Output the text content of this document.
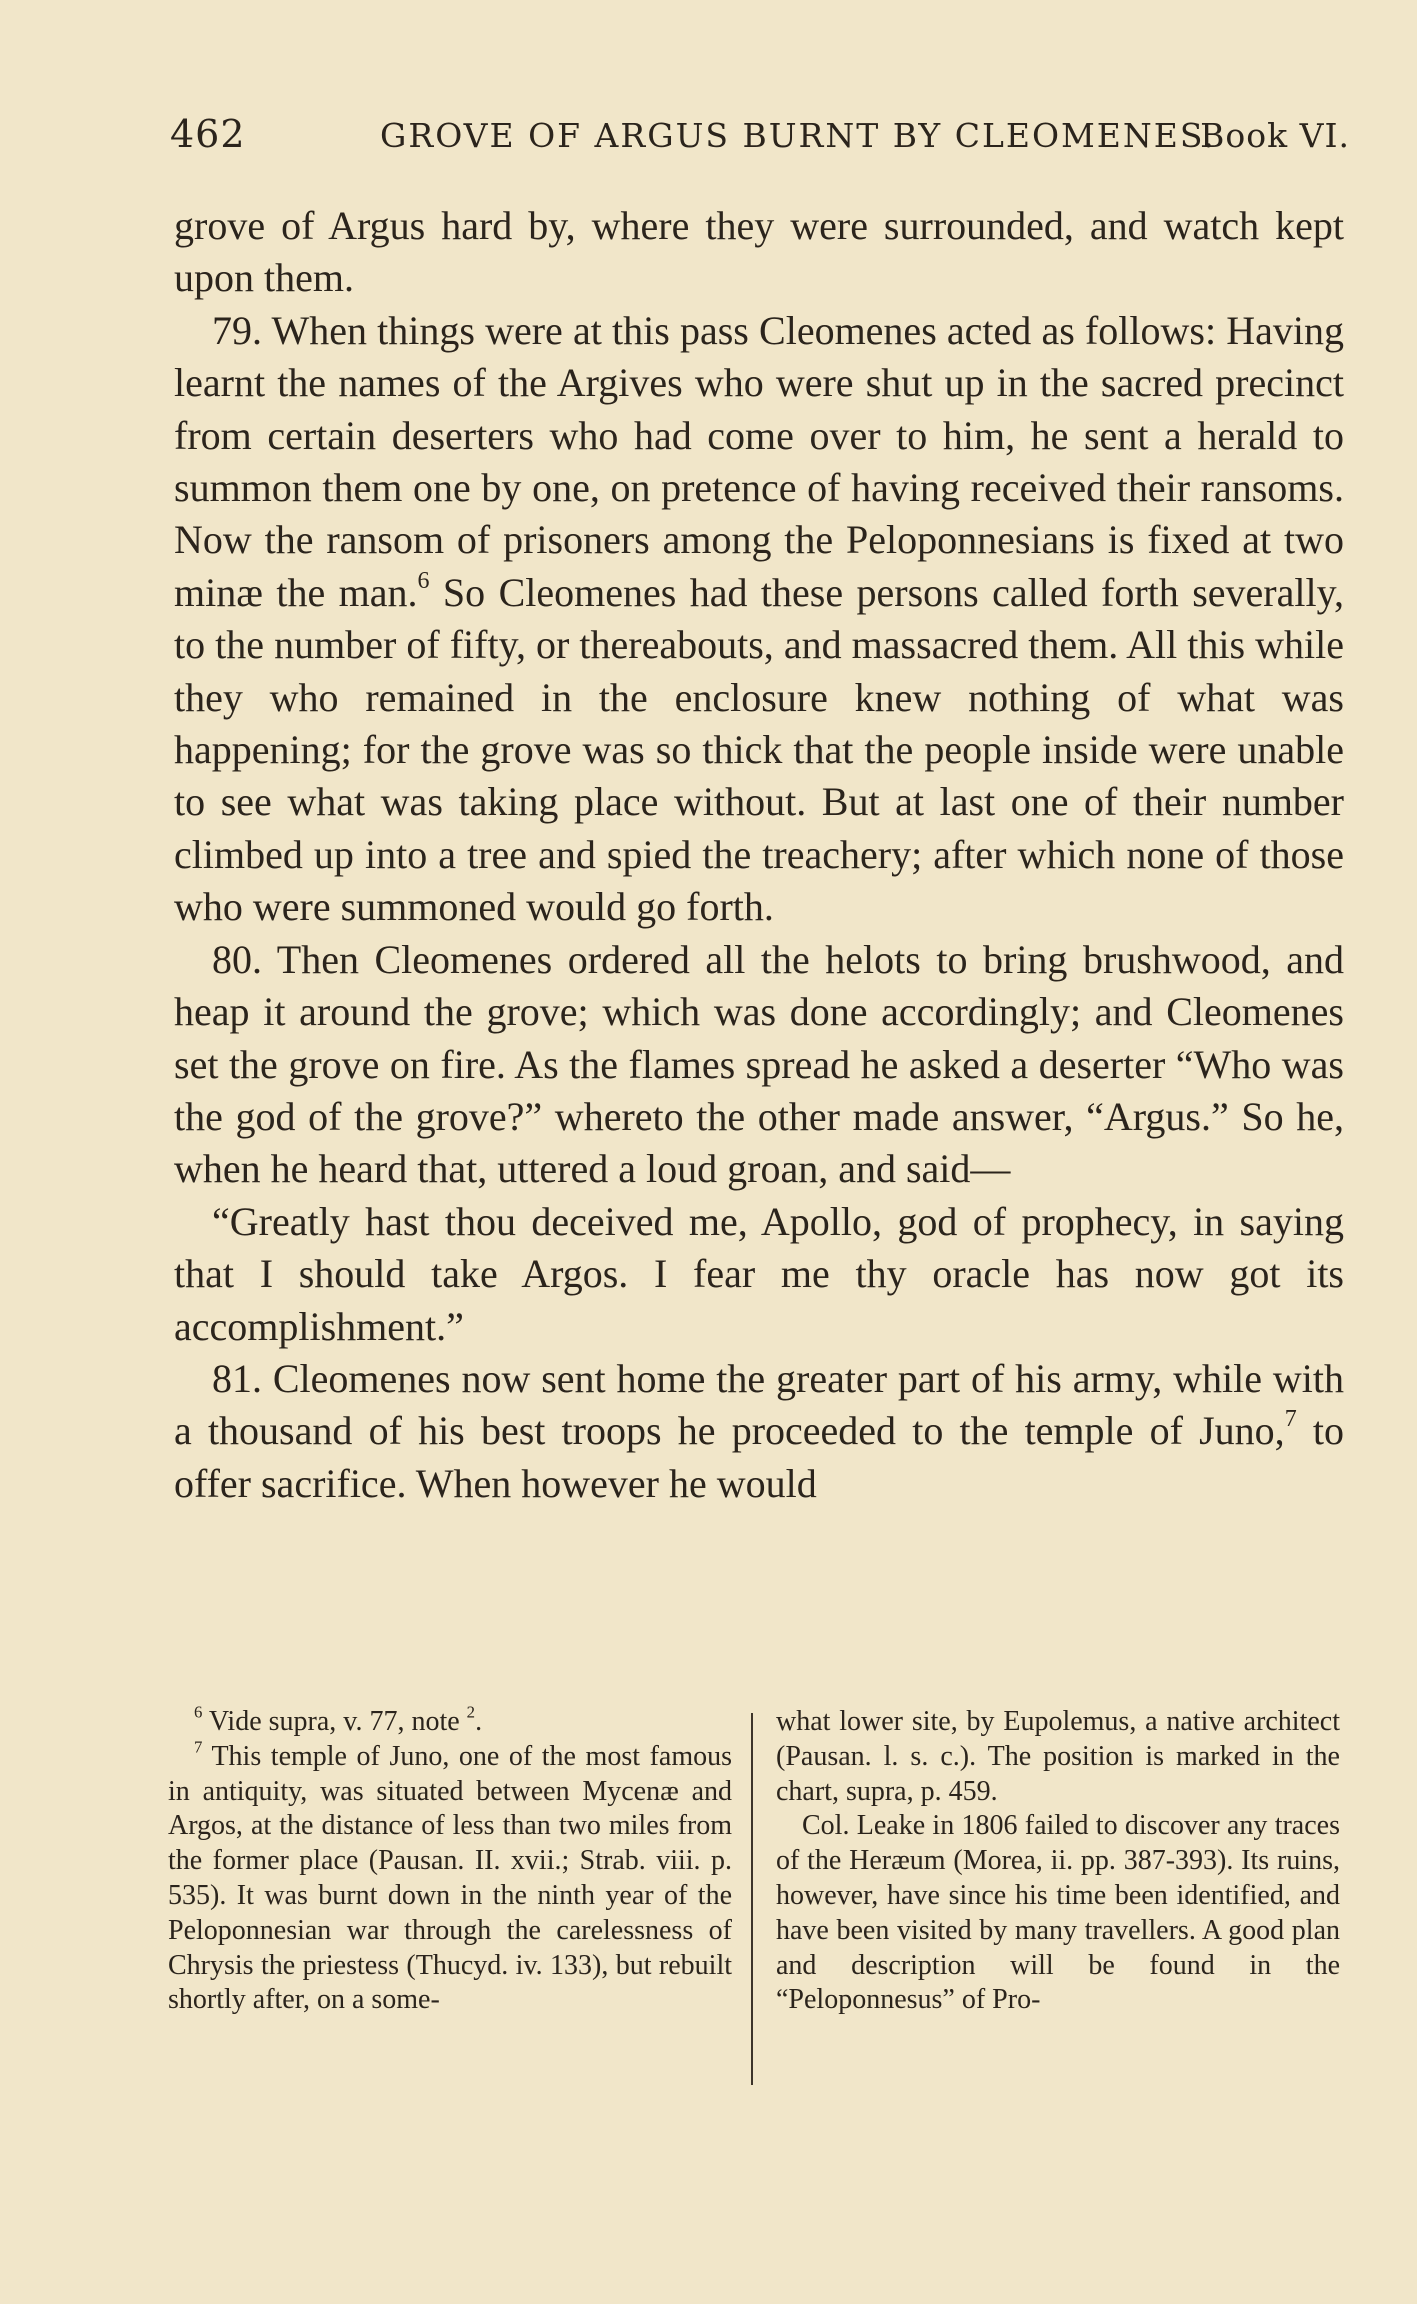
462	GROVE OF ARGUS BURNT BY CLEOMENES.
Book VI.

grove of Argus hard by, where they were surrounded, and watch kept upon them.

79. When things were at this pass Cleomenes acted as follows: Having learnt the names of the Argives who were shut up in the sacred precinct from certain deserters who had come over to him, he sent a herald to summon them one by one, on pretence of having received their ransoms. Now the ransom of prisoners among the Peloponnesians is fixed at two minæ the man.$^6$ So Cleomenes had these persons called forth severally, to the number of fifty, or thereabouts, and massacred them. All this while they who remained in the enclosure knew nothing of what was happening; for the grove was so thick that the people inside were unable to see what was taking place without. But at last one of their number climbed up into a tree and spied the treachery; after which none of those who were summoned would go forth.

80. Then Cleomenes ordered all the helots to bring brushwood, and heap it around the grove; which was done accordingly; and Cleomenes set the grove on fire. As the flames spread he asked a deserter “Who was the god of the grove?” whereto the other made answer, “Argus.” So he, when he heard that, uttered a loud groan, and said—

“Greatly hast thou deceived me, Apollo, god of prophecy, in saying that I should take Argos. I fear me thy oracle has now got its accomplishment.”

81. Cleomenes now sent home the greater part of his army, while with a thousand of his best troops he proceeded to the temple of Juno,$^7$ to offer sacrifice. When however he would

$^6$ Vide supra, v. 77, note $^2$.

$^7$ This temple of Juno, one of the most famous in antiquity, was situated between Mycenæ and Argos, at the distance of less than two miles from the former place (Pausan. II. xvii.; Strab. viii. p. 535). It was burnt down in the ninth year of the Peloponnesian war through the carelessness of Chrysis the priestess (Thucyd. iv. 133), but rebuilt shortly after, on a some-

what lower site, by Eupolemus, a native architect (Pausan. l. s. c.). The position is marked in the chart, supra, p. 459.

Col. Leake in 1806 failed to discover any traces of the Heræum (Morea, ii. pp. 387-393). Its ruins, however, have since his time been identified, and have been visited by many travellers. A good plan and description will be found in the “Peloponnesus” of Pro-
